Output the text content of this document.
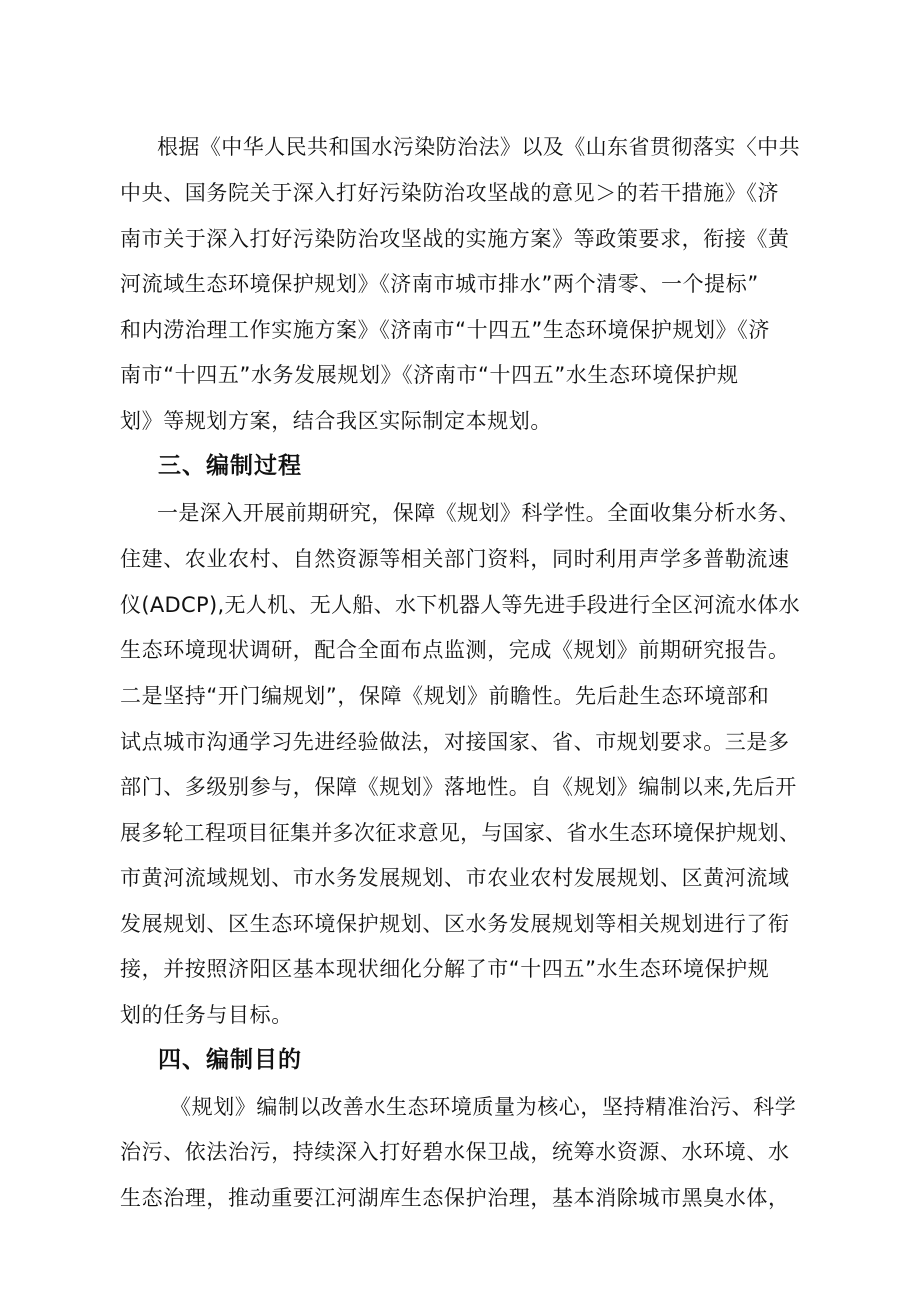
根据《中华人民共和国水污染防治法》以及《山东省贯彻落实〈中共
中央、国务院关于深入打好污染防治攻坚战的意见＞的若干措施》《济
南市关于深入打好污染防治攻坚战的实施方案》等政策要求，衔接《黄
河流域生态环境保护规划》《济南市城市排水”两个清零、一个提标”
和内涝治理工作实施方案》《济南市“十四五”生态环境保护规划》《济
南市“十四五”水务发展规划》《济南市“十四五”水生态环境保护规
划》等规划方案，结合我区实际制定本规划。
三、编制过程
一是深入开展前期研究，保障《规划》科学性。全面收集分析水务、
住建、农业农村、自然资源等相关部门资料，同时利用声学多普勒流速
仪(ADCP),无人机、无人船、水下机器人等先进手段进行全区河流水体水
生态环境现状调研，配合全面布点监测，完成《规划》前期研究报告。
二是坚持“开门编规划”，保障《规划》前瞻性。先后赴生态环境部和
试点城市沟通学习先进经验做法，对接国家、省、市规划要求。三是多
部门、多级别参与，保障《规划》落地性。自《规划》编制以来,先后开
展多轮工程项目征集并多次征求意见，与国家、省水生态环境保护规划、
市黄河流域规划、市水务发展规划、市农业农村发展规划、区黄河流域
发展规划、区生态环境保护规划、区水务发展规划等相关规划进行了衔
接，并按照济阳区基本现状细化分解了市“十四五”水生态环境保护规
划的任务与目标。
四、编制目的
《规划》编制以改善水生态环境质量为核心，坚持精准治污、科学
治污、依法治污，持续深入打好碧水保卫战，统筹水资源、水环境、水
生态治理，推动重要江河湖库生态保护治理，基本消除城市黑臭水体，
